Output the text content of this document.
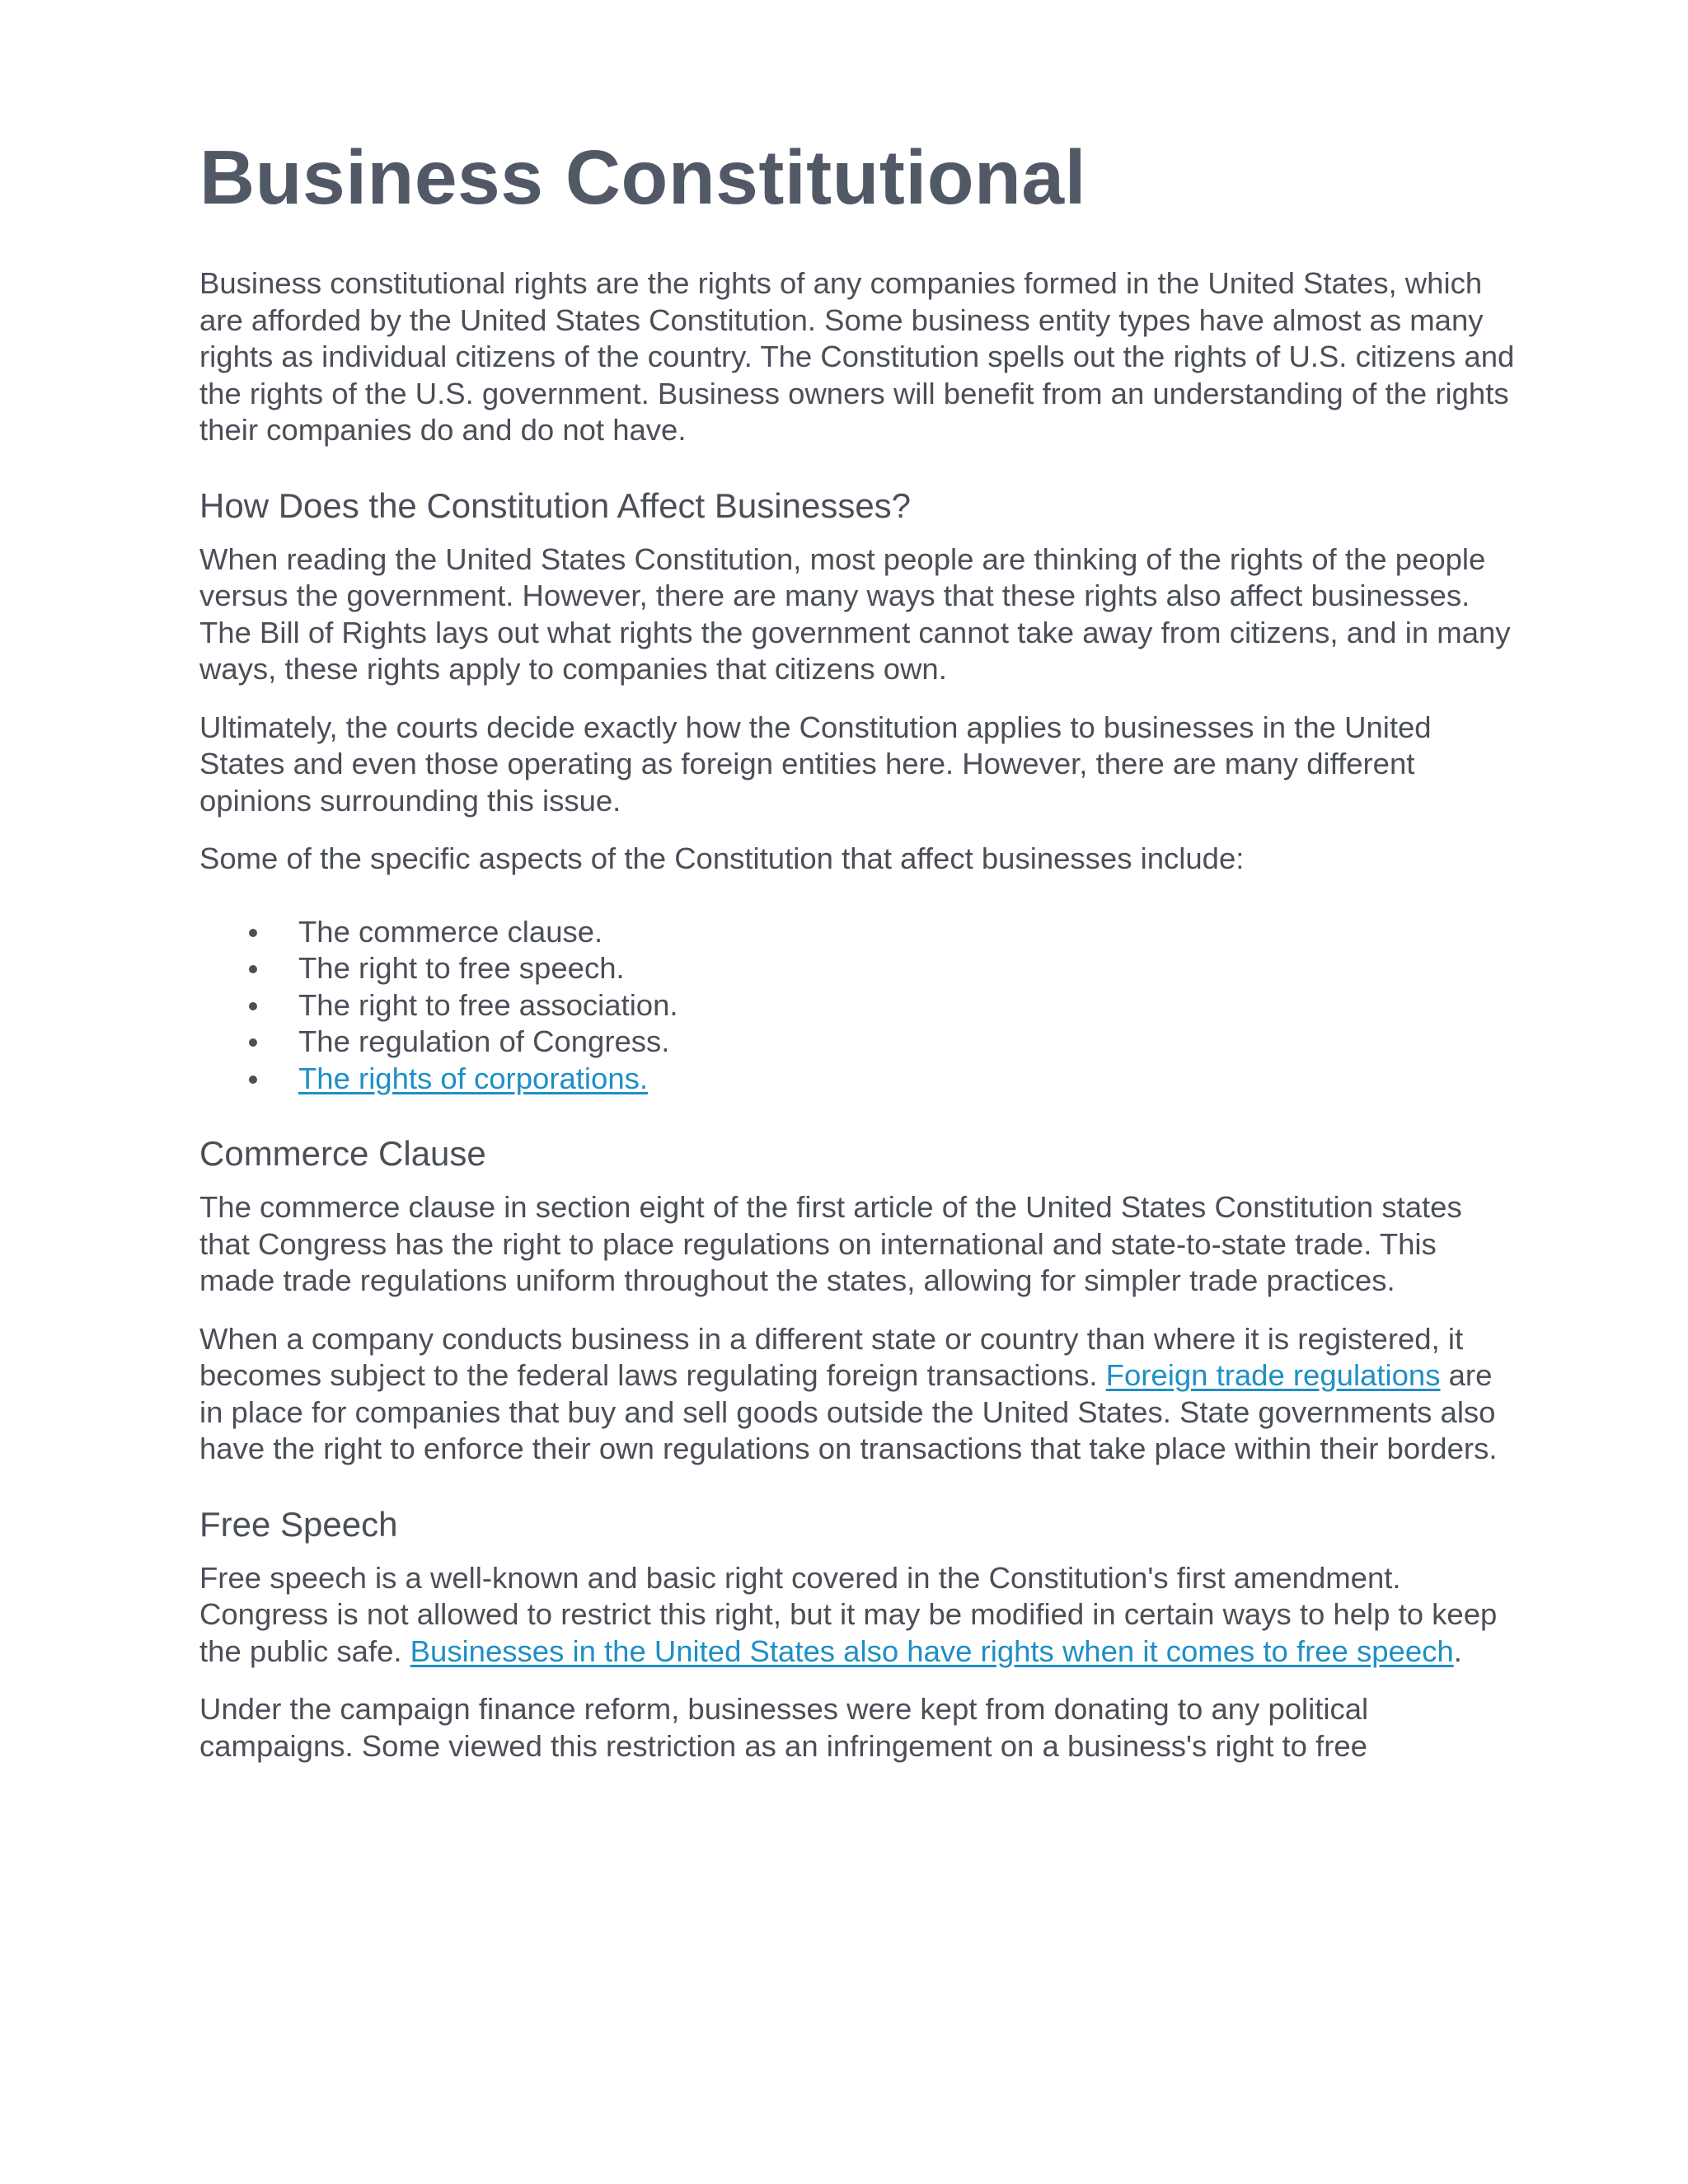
Business Constitutional

Business constitutional rights are the rights of any companies formed in the United States, which are afforded by the United States Constitution. Some business entity types have almost as many rights as individual citizens of the country. The Constitution spells out the rights of U.S. citizens and the rights of the U.S. government. Business owners will benefit from an understanding of the rights their companies do and do not have.

How Does the Constitution Affect Businesses?

When reading the United States Constitution, most people are thinking of the rights of the people versus the government. However, there are many ways that these rights also affect businesses. The Bill of Rights lays out what rights the government cannot take away from citizens, and in many ways, these rights apply to companies that citizens own.

Ultimately, the courts decide exactly how the Constitution applies to businesses in the United States and even those operating as foreign entities here. However, there are many different opinions surrounding this issue.

Some of the specific aspects of the Constitution that affect businesses include:

The commerce clause.
The right to free speech.
The right to free association.
The regulation of Congress.
The rights of corporations.
Commerce Clause

The commerce clause in section eight of the first article of the United States Constitution states that Congress has the right to place regulations on international and state-to-state trade. This made trade regulations uniform throughout the states, allowing for simpler trade practices.

When a company conducts business in a different state or country than where it is registered, it becomes subject to the federal laws regulating foreign transactions. Foreign trade regulations are in place for companies that buy and sell goods outside the United States. State governments also have the right to enforce their own regulations on transactions that take place within their borders.

Free Speech

Free speech is a well-known and basic right covered in the Constitution's first amendment. Congress is not allowed to restrict this right, but it may be modified in certain ways to help to keep the public safe. Businesses in the United States also have rights when it comes to free speech.

Under the campaign finance reform, businesses were kept from donating to any political campaigns. Some viewed this restriction as an infringement on a business's right to free
